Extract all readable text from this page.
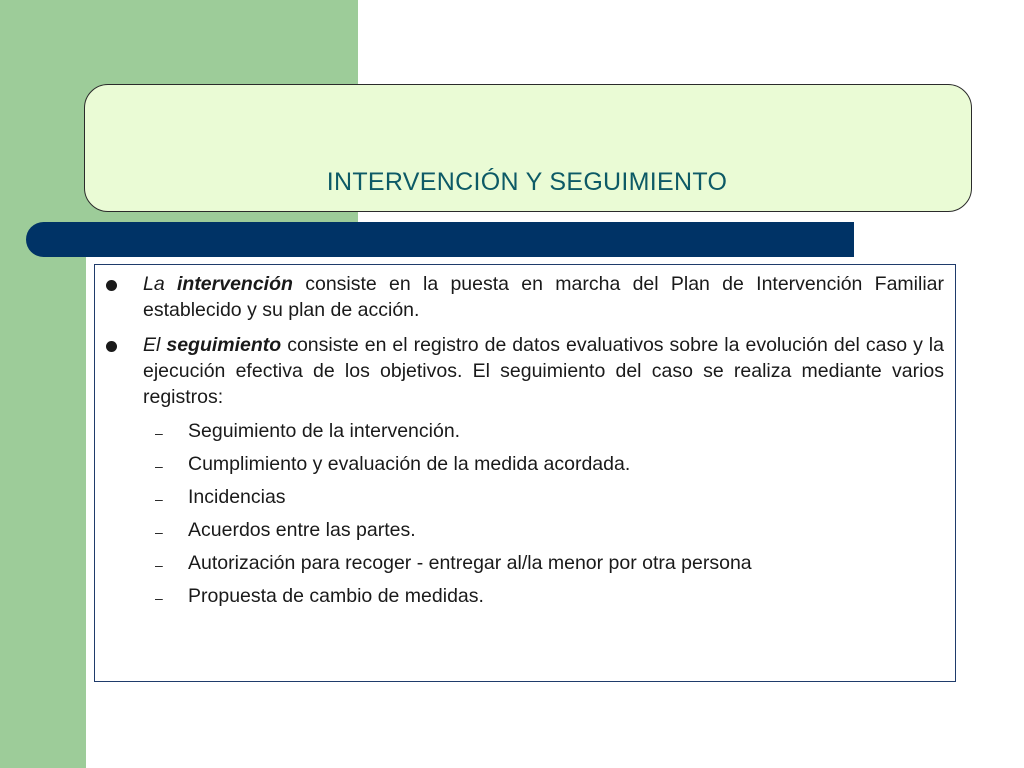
INTERVENCIÓN Y SEGUIMIENTO
La intervención consiste en la puesta en marcha del Plan de Intervención Familiar establecido y su plan de acción.
El seguimiento consiste en el registro de datos evaluativos sobre la evolución del caso y la ejecución efectiva de los objetivos. El seguimiento del caso se realiza mediante varios registros:
– Seguimiento de la intervención.
– Cumplimiento y evaluación de la medida acordada.
– Incidencias
– Acuerdos entre las partes.
– Autorización para recoger - entregar al/la menor por otra persona
– Propuesta de cambio de medidas.
